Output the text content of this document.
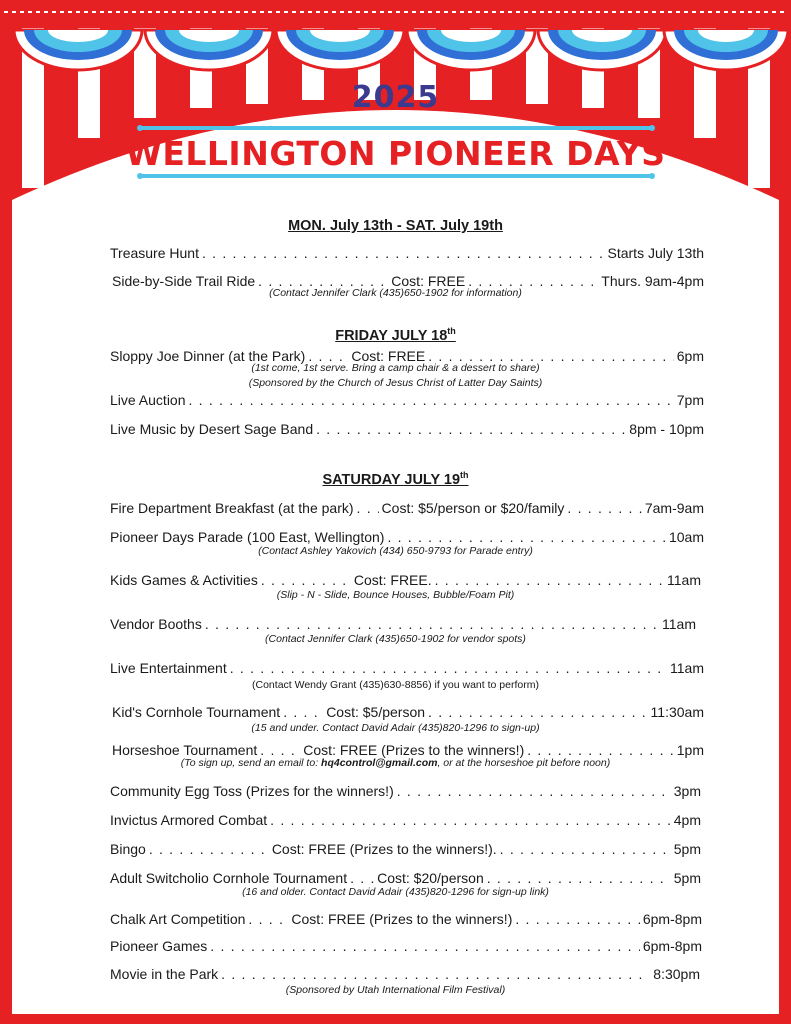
2025
WELLINGTON PIONEER DAYS
MON. July 13th - SAT. July 19th
Treasure Hunt . . .	Starts July 13th
Side-by-Side Trail Ride . . .	Cost: FREE . . .	Thurs. 9am-4pm
(Contact Jennifer Clark (435)650-1902 for information)
FRIDAY JULY 18th
Sloppy Joe Dinner (at the Park) . . .	Cost: FREE . . .	6pm
(1st come, 1st serve. Bring a camp chair & a dessert to share)
(Sponsored by the Church of Jesus Christ of Latter Day Saints)
Live Auction . . .	7pm
Live Music by Desert Sage Band . . .	8pm - 10pm
SATURDAY JULY 19th
Fire Department Breakfast (at the park) . . . Cost: $5/person or $20/family . . .	7am-9am
Pioneer Days Parade (100 East, Wellington) . . .	10am
(Contact Ashley Yakovich (434) 650-9793 for Parade entry)
Kids Games & Activities . . .	Cost: FREE. . . .	11am
(Slip - N - Slide, Bounce Houses, Bubble/Foam Pit)
Vendor Booths . . .	11am
(Contact Jennifer Clark (435)650-1902 for vendor spots)
Live Entertainment . . .	11am
(Contact Wendy Grant (435)630-8856) if you want to perform)
Kid's Cornhole Tournament . . .	Cost: $5/person . . .	11:30am
(15 and under. Contact David Adair (435)820-1296 to sign-up)
Horseshoe Tournament . . .	Cost: FREE (Prizes to the winners!) . . .	1pm
(To sign up, send an email to: hq4control@gmail.com, or at the horseshoe pit before noon)
Community Egg Toss (Prizes for the winners!) . . .	3pm
Invictus Armored Combat . . .	4pm
Bingo . . .	Cost: FREE (Prizes to the winners!). . . .	5pm
Adult Switcholio Cornhole Tournament . . . Cost: $20/person . . .	5pm
(16 and older. Contact David Adair (435)820-1296 for sign-up link)
Chalk Art Competition . . .	Cost: FREE (Prizes to the winners!) . . .	6pm-8pm
Pioneer Games . . .	6pm-8pm
Movie in the Park . . .	8:30pm
(Sponsored by Utah International Film Festival)
